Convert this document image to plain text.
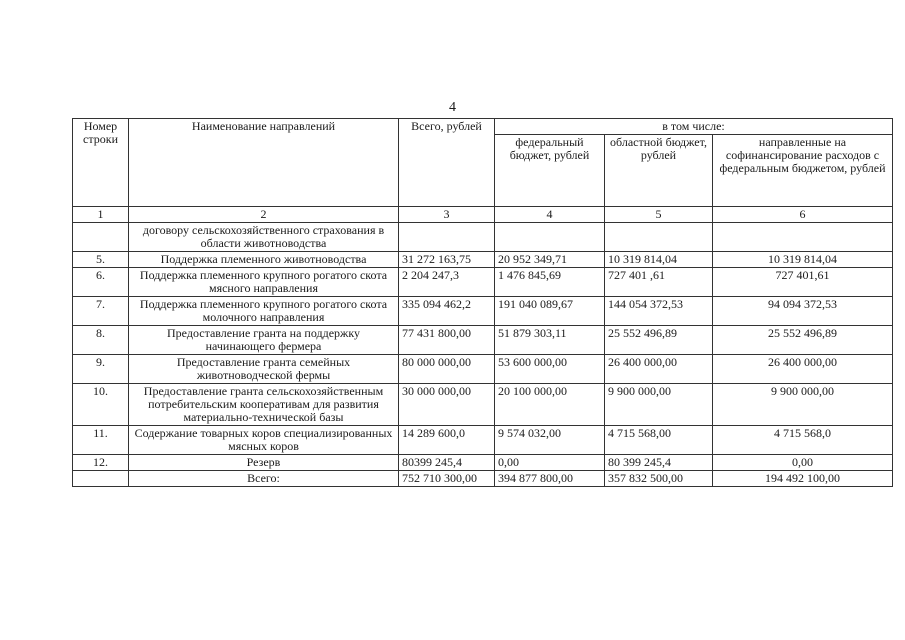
4
Номер строки	Наименование направлений	Всего, рублей	в том числе:		
			федеральный бюджет, рублей	областной бюджет, рублей	направленные на софинансирование расходов с федеральным бюджетом, рублей
1	2	3	4	5	6
	договору сельскохозяйственного страхования в области животноводства				
5.	Поддержка племенного животноводства	31 272 163,75	20 952 349,71	10 319 814,04	10 319 814,04
6.	Поддержка племенного крупного рогатого скота мясного направления	2 204 247,3	1 476 845,69	727 401 ,61	727 401,61
7.	Поддержка племенного крупного рогатого скота молочного направления	335 094 462,2	191 040 089,67	144 054 372,53	94 094 372,53
8.	Предоставление гранта на поддержку начинающего фермера	77 431 800,00	51 879 303,11	25 552 496,89	25 552 496,89
9.	Предоставление гранта семейных животноводческой фермы	80 000 000,00	53 600 000,00	26 400 000,00	26 400 000,00
10.	Предоставление гранта сельскохозяйственным потребительским кооперативам для развития материально-технической базы	30 000 000,00	20 100 000,00	9 900 000,00	9 900 000,00
11.	Содержание товарных коров специализированных мясных коров	14 289 600,0	9 574 032,00	4 715 568,00	4 715 568,0
12.	Резерв	80399 245,4	0,00	80 399 245,4	0,00
	Всего:	752 710 300,00	394 877 800,00	357 832 500,00	194 492 100,00
